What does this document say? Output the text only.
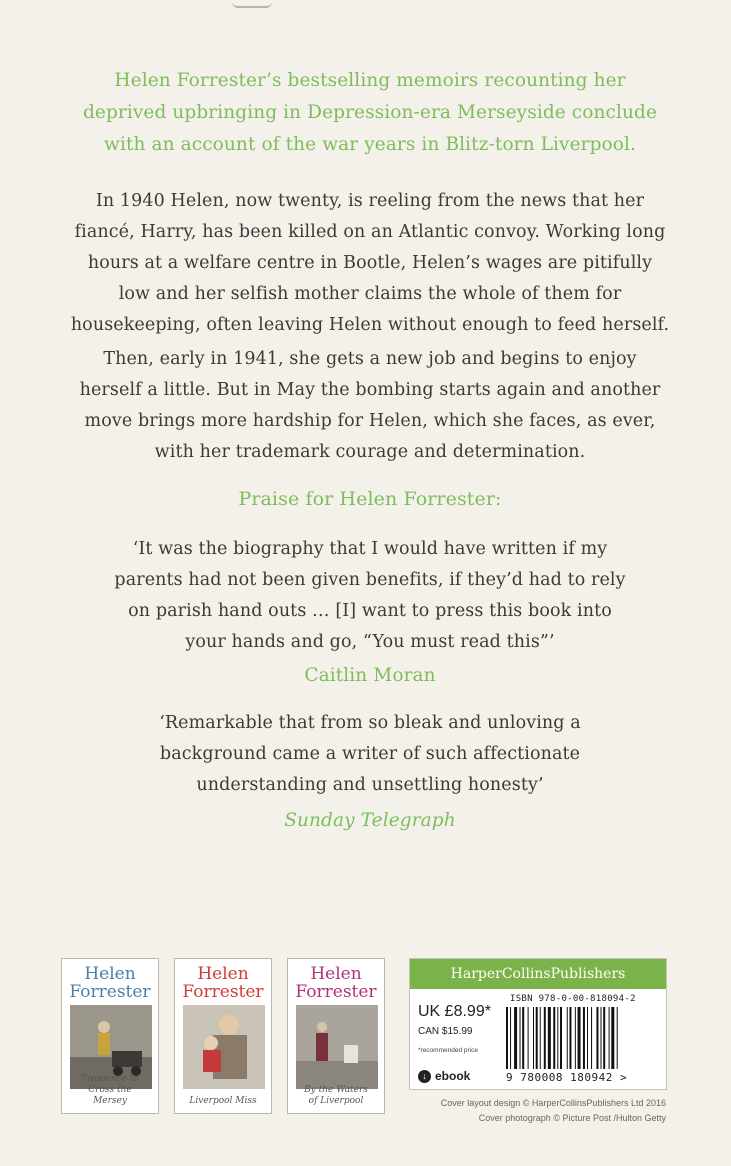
Helen Forrester’s bestselling memoirs recounting her deprived upbringing in Depression-era Merseyside conclude with an account of the war years in Blitz-torn Liverpool.

In 1940 Helen, now twenty, is reeling from the news that her fiancé, Harry, has been killed on an Atlantic convoy. Working long hours at a welfare centre in Bootle, Helen’s wages are pitifully low and her selfish mother claims the whole of them for housekeeping, often leaving Helen without enough to feed herself.

Then, early in 1941, she gets a new job and begins to enjoy herself a little. But in May the bombing starts again and another move brings more hardship for Helen, which she faces, as ever, with her trademark courage and determination.

Praise for Helen Forrester:

‘It was the biography that I would have written if my parents had not been given benefits, if they’d had to rely on parish hand outs … [I] want to press this book into your hands and go, “You must read this”’
Caitlin Moran
‘Remarkable that from so bleak and unloving a background came a writer of such affectionate understanding and unsettling honesty’
Sunday Telegraph
Helen
Forrester
Twopence to Cross the Mersey
Helen
Forrester
Liverpool Miss
Helen
Forrester
By the Waters of Liverpool
HarperCollinsPublishers
UK £8.99*
CAN $15.99
*recommended price
↓ ebook
ISBN 978-0-00-818094-2
9 780008 180942 >
Cover layout design © HarperCollinsPublishers Ltd 2016
Cover photograph © Picture Post /Hulton Getty
